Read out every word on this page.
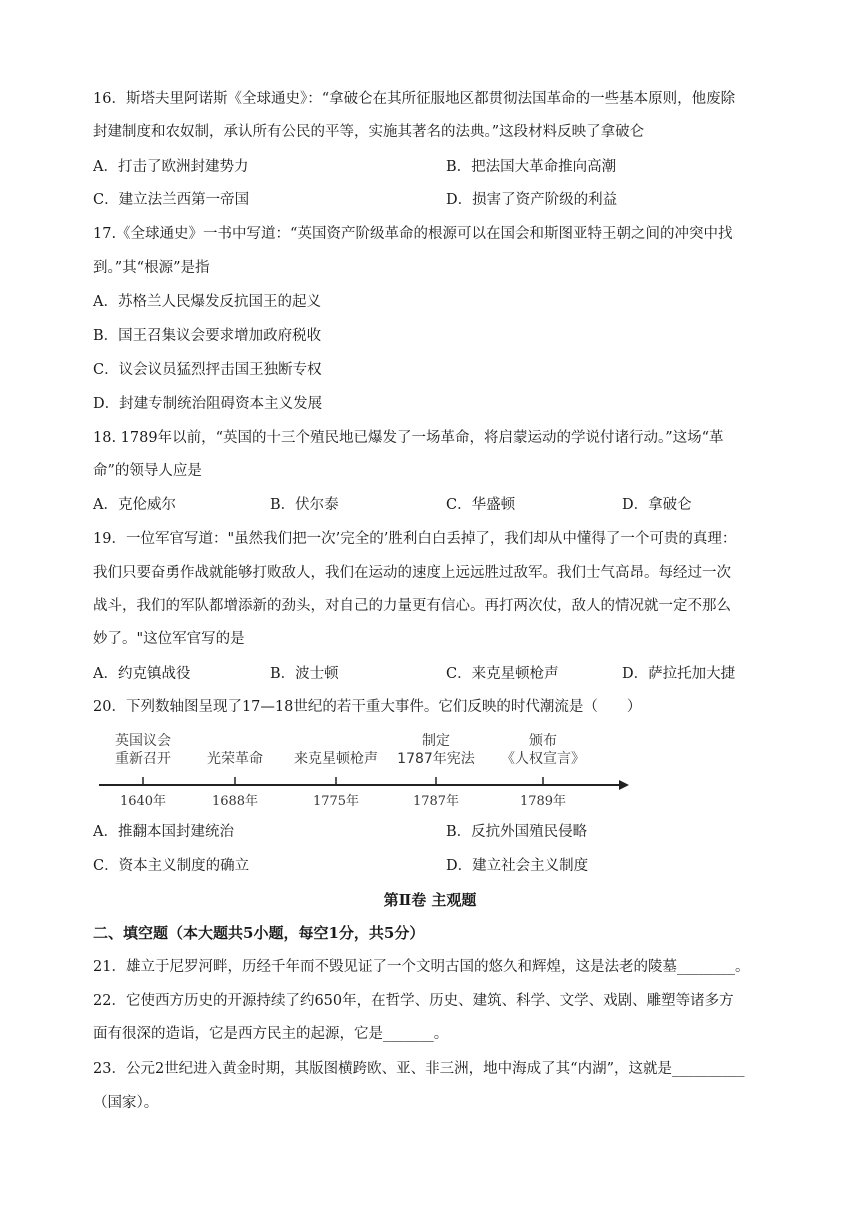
16．斯塔夫里阿诺斯《全球通史》：“拿破仑在其所征服地区都贯彻法国革命的一些基本原则，他废除
封建制度和农奴制，承认所有公民的平等，实施其著名的法典。”这段材料反映了拿破仑
A．打击了欧洲封建势力	B．把法国大革命推向高潮
C．建立法兰西第一帝国	D．损害了资产阶级的利益
17.《全球通史》一书中写道：“英国资产阶级革命的根源可以在国会和斯图亚特王朝之间的冲突中找
到。”其“根源”是指
A．苏格兰人民爆发反抗国王的起义
B．国王召集议会要求增加政府税收
C．议会议员猛烈抨击国王独断专权
D．封建专制统治阻碍资本主义发展
18. 1789年以前，“英国的十三个殖民地已爆发了一场革命，将启蒙运动的学说付诸行动。”这场“革
命”的领导人应是
A．克伦威尔	B．伏尔泰	C．华盛顿	D．拿破仑
19．一位军官写道："虽然我们把一次’完全的’胜利白白丢掉了，我们却从中懂得了一个可贵的真理：
我们只要奋勇作战就能够打败敌人，我们在运动的速度上远远胜过敌军。我们士气高昂。每经过一次
战斗，我们的军队都增添新的劲头，对自己的力量更有信心。再打两次仗，敌人的情况就一定不那么
妙了。"这位军官写的是
A．约克镇战役	B．波士顿	C．来克星顿枪声	D．萨拉托加大捷
20．下列数轴图呈现了17—18世纪的若干重大事件。它们反映的时代潮流是（　　）
英国议会
重新召开	光荣革命	来克星顿枪声
制定
1787年宪法
颁布
《人权宣言》
1640年	1688年	1775年	1787年	1789年
A．推翻本国封建统治	B．反抗外国殖民侵略
C．资本主义制度的确立	D．建立社会主义制度
第Ⅱ卷 主观题
二、填空题（本大题共5小题，每空1分，共5分）
21．雄立于尼罗河畔，历经千年而不毁见证了一个文明古国的悠久和辉煌，这是法老的陵墓________。
22．它使西方历史的开源持续了约650年，在哲学、历史、建筑、科学、文学、戏剧、雕塑等诸多方
面有很深的造诣，它是西方民主的起源，它是_______。
23．公元2世纪进入黄金时期，其版图横跨欧、亚、非三洲，地中海成了其“内湖”，这就是__________
（国家）。
